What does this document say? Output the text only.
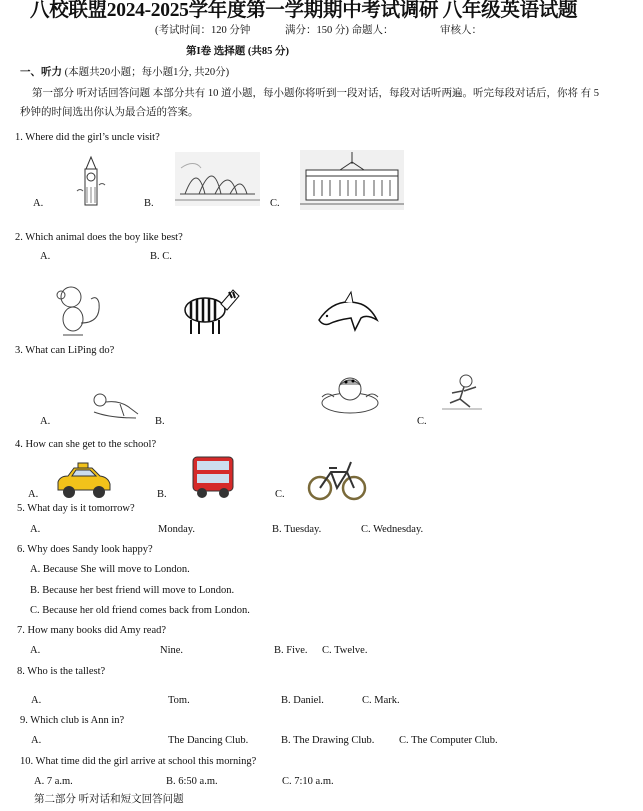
八校联盟2024-2025学年度第一学期期中考试调研 八年级英语试题
(考试时间：120 分钟	满分：150 分) 命题人：	审核人：
第I卷 选择题 (共85 分)
一、听力 (本题共20小题；每小题1分, 共20分)
第一部分 听对话回答问题 本部分共有 10 道小题，每小题你将听到一段对话，每段对话听两遍。听完每段对话后，你将 有 5
秒钟的时间选出你认为最合适的答案。
1. Where did the girl’s uncle visit?
A.	B.	C.
2. Which animal does the boy like best?
A.	B. C.
3. What can LiPing do?
A.	B.	C.
4. How can she get to the school?
A.	B.	C.
5. What day is it tomorrow?
A.	Monday.	B. Tuesday.	C. Wednesday.
6. Why does Sandy look happy?
A. Because She will move to London.
B. Because her best friend will move to London.
C. Because her old friend comes back from London.
7. How many books did Amy read?
A.	Nine.	B. Five. C. Twelve.
8. Who is the tallest?
A.	Tom.	B. Daniel.	C. Mark.
9. Which club is Ann in?
A.	The Dancing Club.	B. The Drawing Club. C. The Computer Club.
10. What time did the girl arrive at school this morning?
A. 7 a.m.	B. 6:50 a.m.	C. 7:10 a.m.
第二部分 听对话和短文回答问题
